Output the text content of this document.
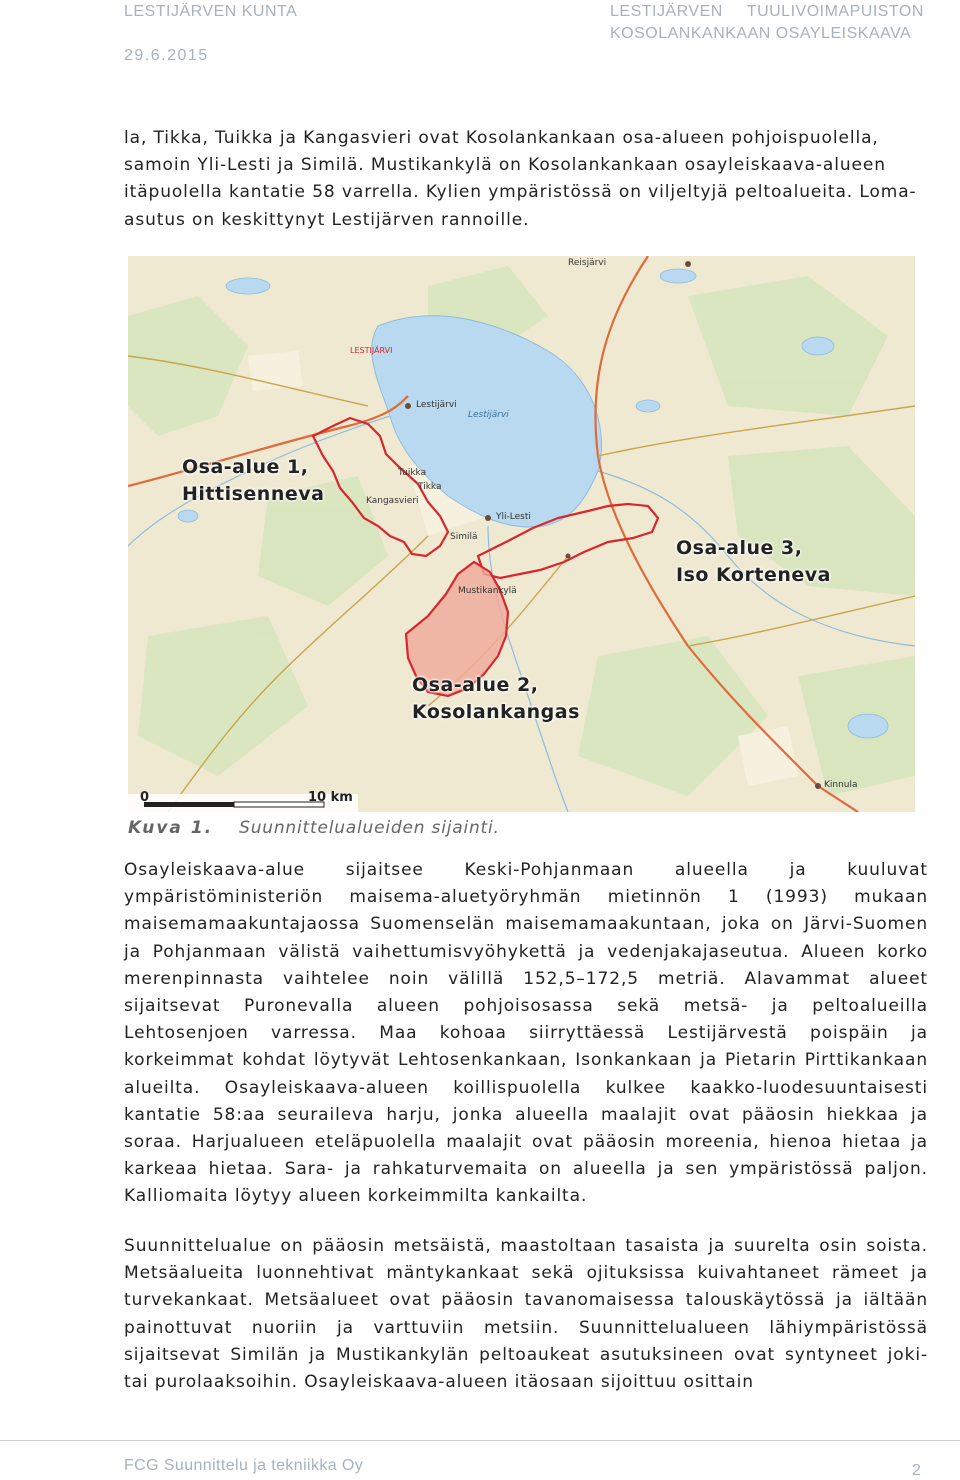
LESTIJÄRVEN KUNTA
29.6.2015
LESTIJÄRVEN TUULIVOIMAPUISTON
KOSOLANKANKAAN OSAYLEISKAAVA

la, Tikka, Tuikka ja Kangasvieri ovat Kosolankankaan osa-alueen pohjoispuolella, samoin Yli-Lesti ja Similä. Mustikankylä on Kosolankankaan osayleiskaava-alueen itäpuolella kantatie 58 varrella. Kylien ympäristössä on viljeltyjä peltoalueita. Loma-asutus on keskittynyt Lestijärven rannoille.

Reisjärvi
Lestijärvi
Lestijärvi
LESTIJÄRVI
Yli-Lesti
Similä
Mustikankylä
Kinnula
Tuikka
Tikka
Kangasvieri
Osa-alue 1,
Hittisenneva
Osa-alue 3,
Iso Korteneva
Osa-alue 2,
Kosolankangas
0	10 km
Kuva 1. Suunnittelualueiden sijainti.

Osayleiskaava-alue sijaitsee Keski-Pohjanmaan alueella ja kuuluvat ympäristöministeriön maisema-aluetyöryhmän mietinnön 1 (1993) mukaan maisemamaakuntajaossa Suomenselän maisemamaakuntaan, joka on Järvi-Suomen ja Pohjanmaan välistä vaihettumisvyöhykettä ja vedenjakajaseutua. Alueen korko merenpinnasta vaihtelee noin välillä 152,5–172,5 metriä. Alavammat alueet sijaitsevat Puronevalla alueen pohjoisosassa sekä metsä- ja peltoalueilla Lehtosenjoen varressa. Maa kohoaa siirryttäessä Lestijärvestä poispäin ja korkeimmat kohdat löytyvät Lehtosenkankaan, Isonkankaan ja Pietarin Pirttikankaan alueilta. Osayleiskaava-alueen koillispuolella kulkee kaakko-luodesuuntaisesti kantatie 58:aa seuraileva harju, jonka alueella maalajit ovat pääosin hiekkaa ja soraa. Harjualueen eteläpuolella maalajit ovat pääosin moreenia, hienoa hietaa ja karkeaa hietaa. Sara- ja rahkaturvemaita on alueella ja sen ympäristössä paljon. Kalliomaita löytyy alueen korkeimmilta kankailta.

Suunnittelualue on pääosin metsäistä, maastoltaan tasaista ja suurelta osin soista. Metsäalueita luonnehtivat mäntykankaat sekä ojituksissa kuivahtaneet rämeet ja turvekankaat. Metsäalueet ovat pääosin tavanomaisessa talouskäytössä ja iältään painottuvat nuoriin ja varttuviin metsiin. Suunnittelualueen lähiympäristössä sijaitsevat Similän ja Mustikankylän peltoaukeat asutuksineen ovat syntyneet joki- tai purolaaksoihin. Osayleiskaava-alueen itäosaan sijoittuu osittain

FCG Suunnittelu ja tekniikka Oy	2
